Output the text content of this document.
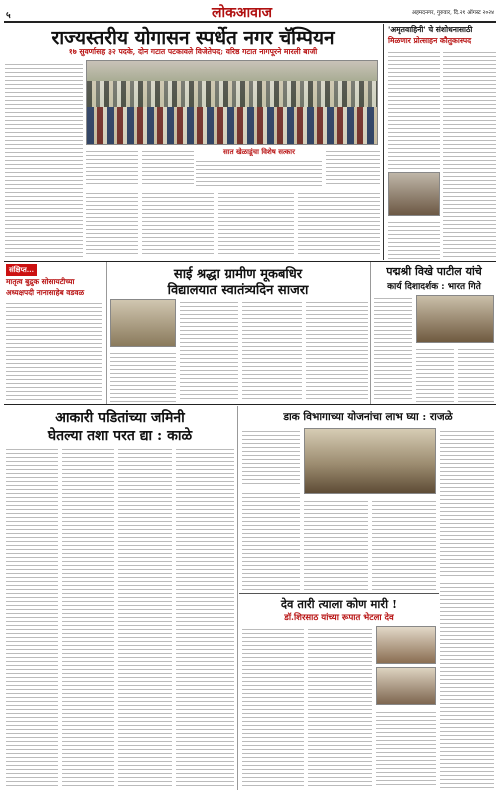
५	लोकआवाज	अहमदनगर, गुरुवार, दि.२१ ऑगस्ट २०२४
राज्यस्तरीय योगासन स्पर्धेत नगर चॅम्पियन
१७ सुवर्णासह ३२ पदके, दोन गटात पटकावले विजेतेपद; वरिष्ठ गटात नागपूरने मारली बाजी
सात खेळाडूंचा विशेष सत्कार
'अमृतवाहिनी' चे संशोधनासाठी
मिळणार प्रोत्साहन कौतुकास्पद
संक्षिप्त...
मातृत्व बुद्रुक सोसायटीच्या
अध्यक्षपदी नानासाहेब वडवळ
साई श्रद्धा ग्रामीण मूकबधिर
विद्यालयात स्वातंत्र्यदिन साजरा
पद्मश्री विखे पाटील यांचे
कार्य दिशादर्शक : भारत गिते
आकारी पडितांच्या जमिनी
घेतल्या तशा परत द्या : काळे
डाक विभागाच्या योजनांचा लाभ घ्या : राजळे
देव तारी त्याला कोण मारी !
डॉ.शिरसाठ यांच्या रूपात भेटला देव
